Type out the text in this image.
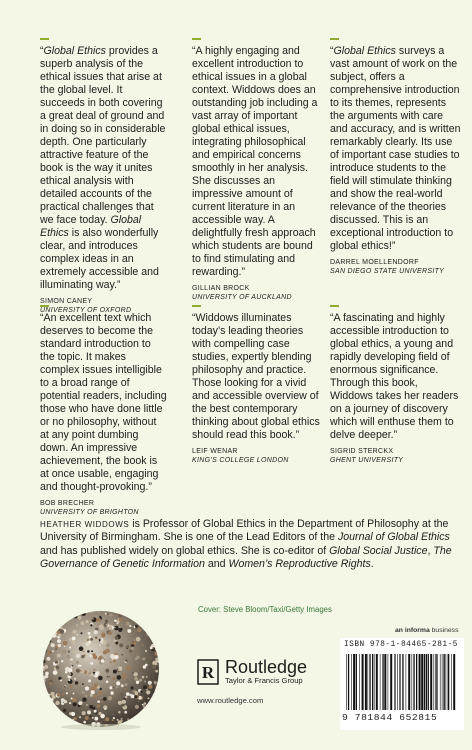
“Global Ethics provides a superb analysis of the ethical issues that arise at the global level. It succeeds in both covering a great deal of ground and in doing so in considerable depth. One particularly attractive feature of the book is the way it unites ethical analysis with detailed accounts of the practical challenges that we face today. Global Ethics is also wonderfully clear, and introduces complex ideas in an extremely accessible and illuminating way.”
SIMON CANEY
UNIVERSITY OF OXFORD
“A highly engaging and excellent introduction to ethical issues in a global context. Widdows does an outstanding job including a vast array of important global ethical issues, integrating philosophical and empirical concerns smoothly in her analysis. She discusses an impressive amount of current literature in an accessible way. A delightfully fresh approach which students are bound to find stimulating and rewarding.”
GILLIAN BROCK
UNIVERSITY OF AUCKLAND
“Global Ethics surveys a vast amount of work on the subject, offers a comprehensive introduction to its themes, represents the arguments with care and accuracy, and is written remarkably clearly. Its use of important case studies to introduce students to the field will stimulate thinking and show the real-world relevance of the theories discussed. This is an exceptional introduction to global ethics!”
DARREL MOELLENDORF
SAN DIEGO STATE UNIVERSITY
“An excellent text which deserves to become the standard introduction to the topic. It makes complex issues intelligible to a broad range of potential readers, including those who have done little or no philosophy, without at any point dumbing down. An impressive achievement, the book is at once usable, engaging and thought-provoking.”
BOB BRECHER
UNIVERSITY OF BRIGHTON
“Widdows illuminates today’s leading theories with compelling case studies, expertly blending philosophy and practice. Those looking for a vivid and accessible overview of the best contemporary thinking about global ethics should read this book.”
LEIF WENAR
KING’S COLLEGE LONDON
“A fascinating and highly accessible introduction to global ethics, a young and rapidly developing field of enormous significance. Through this book, Widdows takes her readers on a journey of discovery which will enthuse them to delve deeper.”
SIGRID STERCKX
GHENT UNIVERSITY
HEATHER WIDDOWS is Professor of Global Ethics in the Department of Philosophy at the University of Birmingham. She is one of the Lead Editors of the Journal of Global Ethics and has published widely on global ethics. She is co-editor of Global Social Justice, The Governance of Genetic Information and Women’s Reproductive Rights.
Cover: Steve Bloom/Taxi/Getty Images
R Routledge
Taylor & Francis Group
www.routledge.com
an informa business
ISBN 978-1-84465-281-5
9 781844 652815
